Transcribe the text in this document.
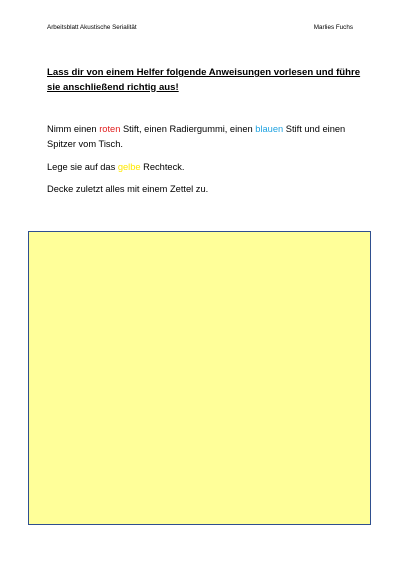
Arbeitsblatt Akustische Serialität	Marlies Fuchs
Lass dir von einem Helfer folgende Anweisungen vorlesen und führe sie anschließend richtig aus!
Nimm einen roten Stift, einen Radiergummi, einen blauen Stift und einen Spitzer vom Tisch.
Lege sie auf das gelbe Rechteck.
Decke zuletzt alles mit einem Zettel zu.
